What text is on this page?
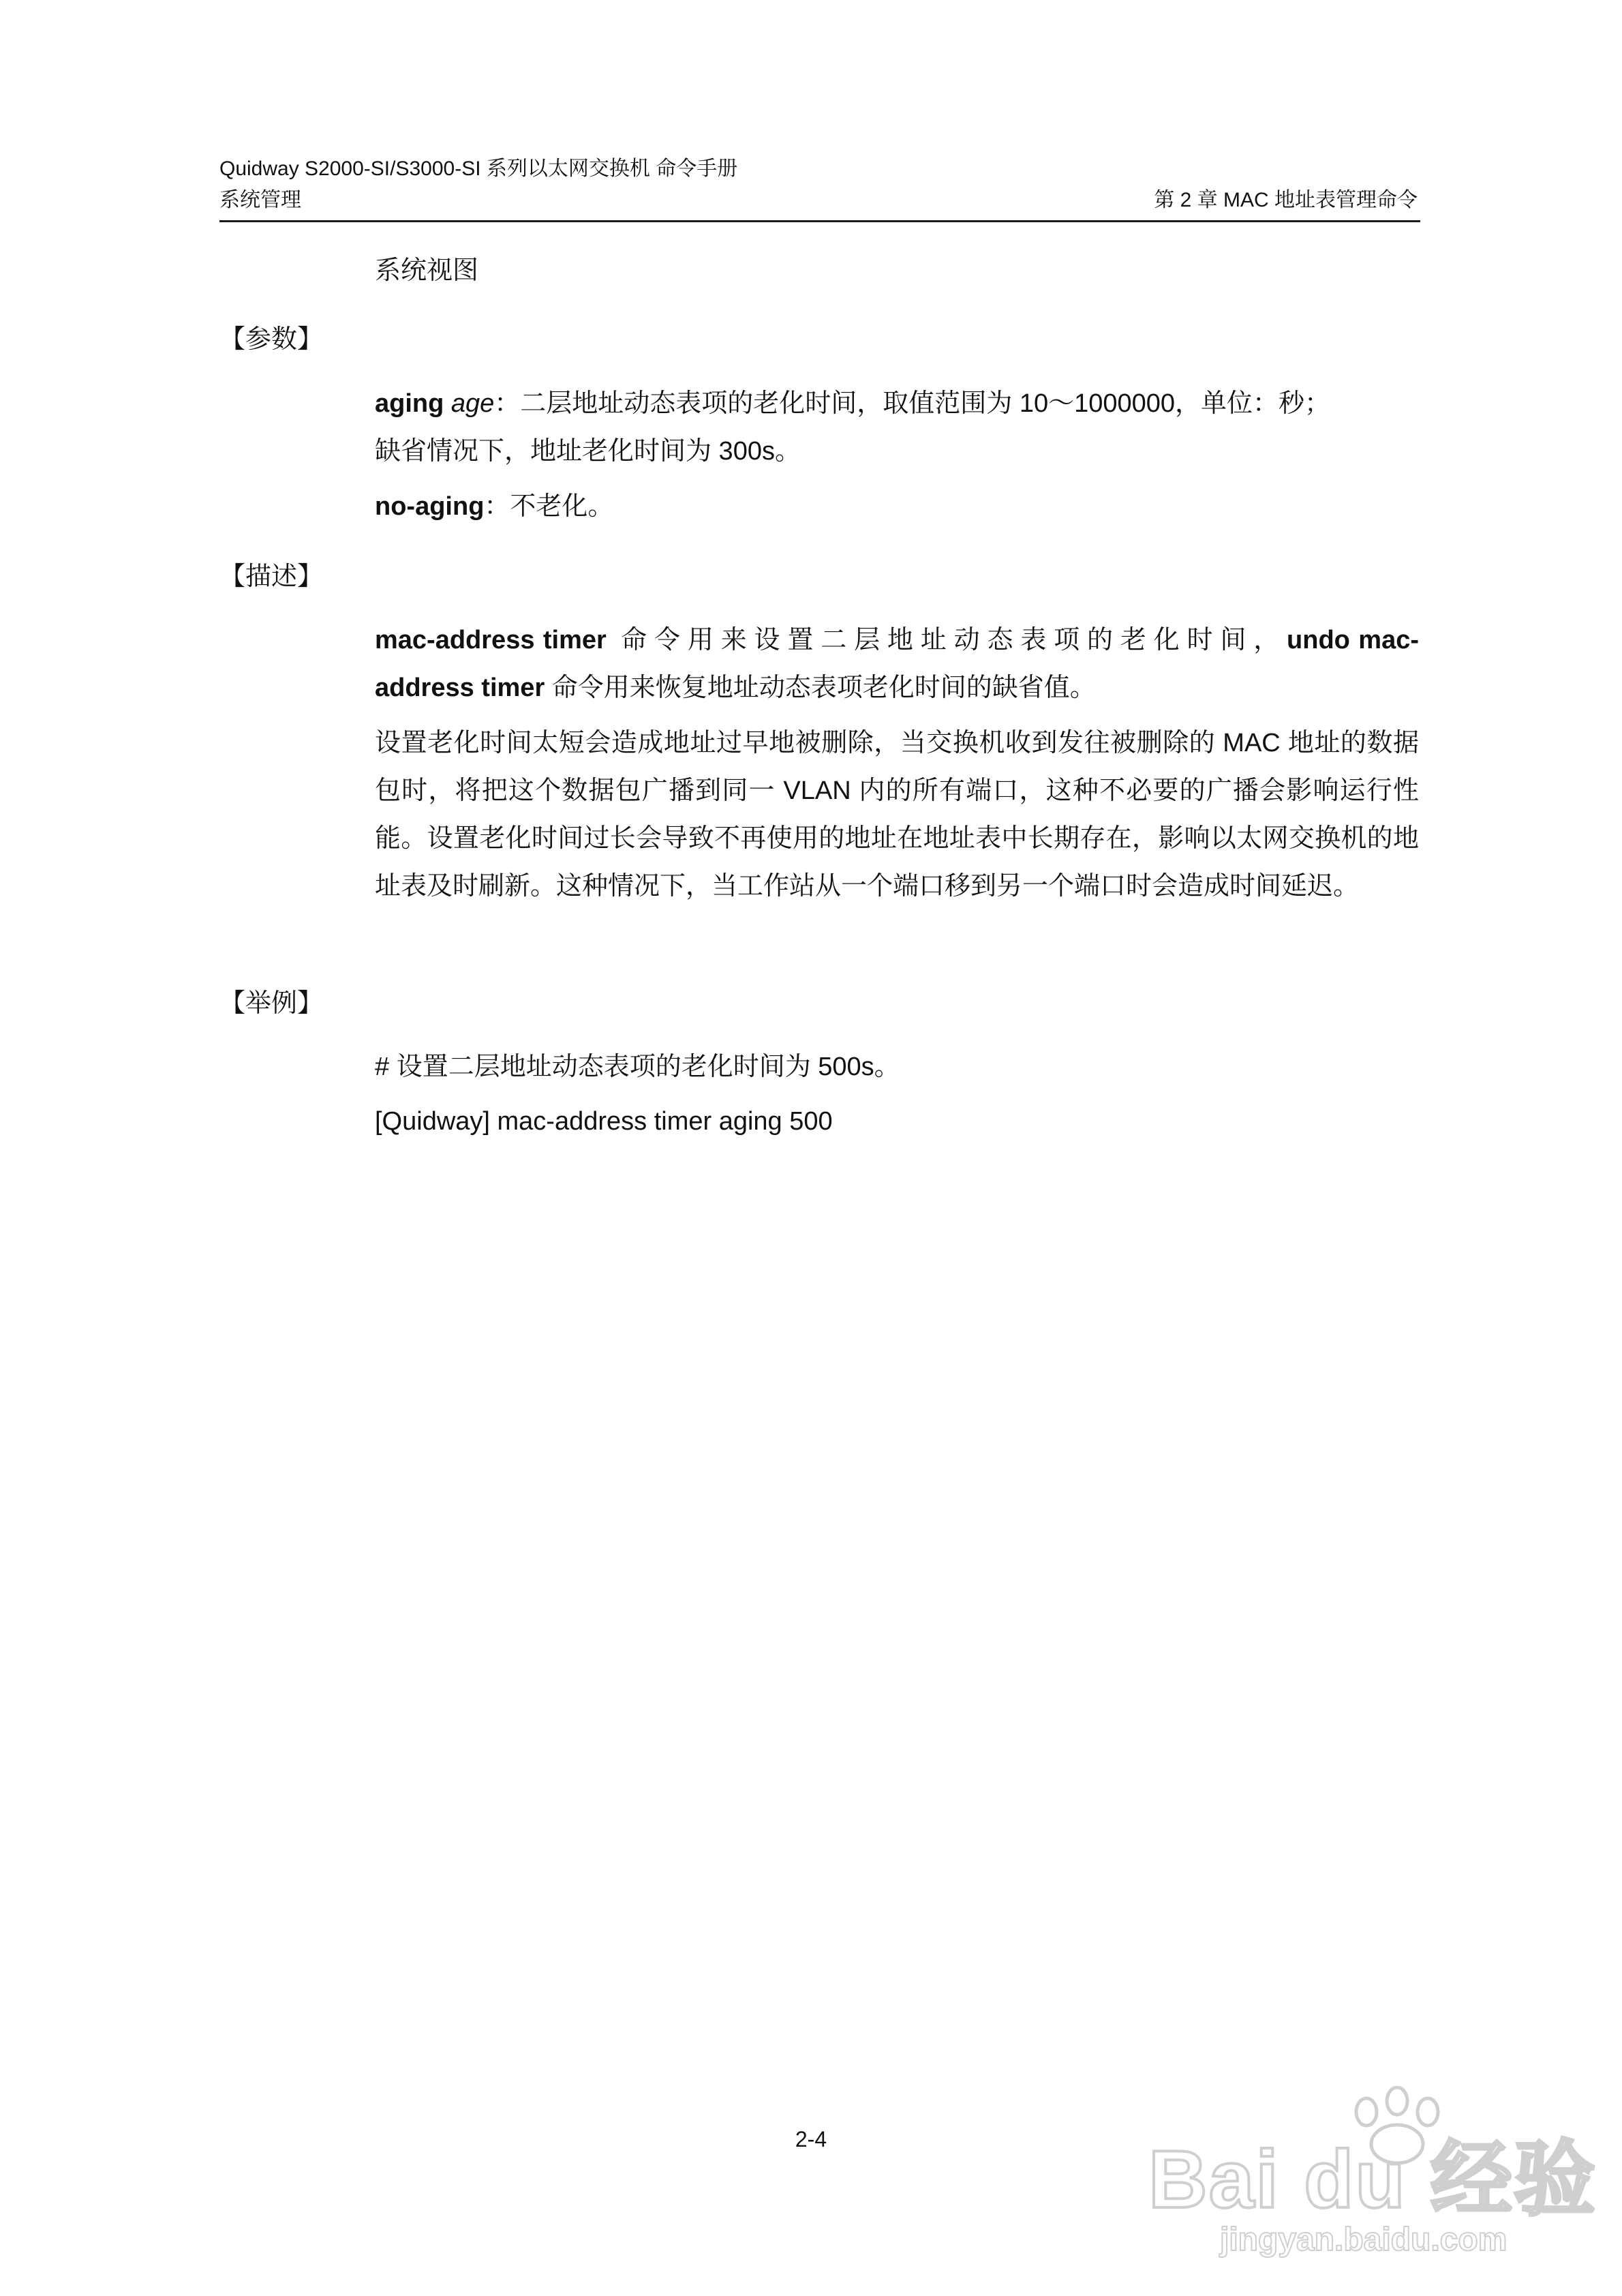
Quidway S2000-SI/S3000-SI 系列以太网交换机 命令手册
系统管理	第 2 章 MAC 地址表管理命令

系统视图

【参数】

aging age：二层地址动态表项的老化时间，取值范围为 10～1000000，单位：秒；
缺省情况下，地址老化时间为 300s。

no-aging：不老化。

【描述】

mac-address timer 命令用来设置二层地址动态表项的老化时间，undo mac-address timer 命令用来恢复地址动态表项老化时间的缺省值。

设置老化时间太短会造成地址过早地被删除，当交换机收到发往被删除的 MAC 地址的数据包时，将把这个数据包广播到同一 VLAN 内的所有端口，这种不必要的广播会影响运行性能。设置老化时间过长会导致不再使用的地址在地址表中长期存在，影响以太网交换机的地址表及时刷新。这种情况下，当工作站从一个端口移到另一个端口时会造成时间延迟。

【举例】

# 设置二层地址动态表项的老化时间为 500s。

[Quidway] mac-address timer aging 500

2-4	Bai du 经验
jingyan.baidu.com
